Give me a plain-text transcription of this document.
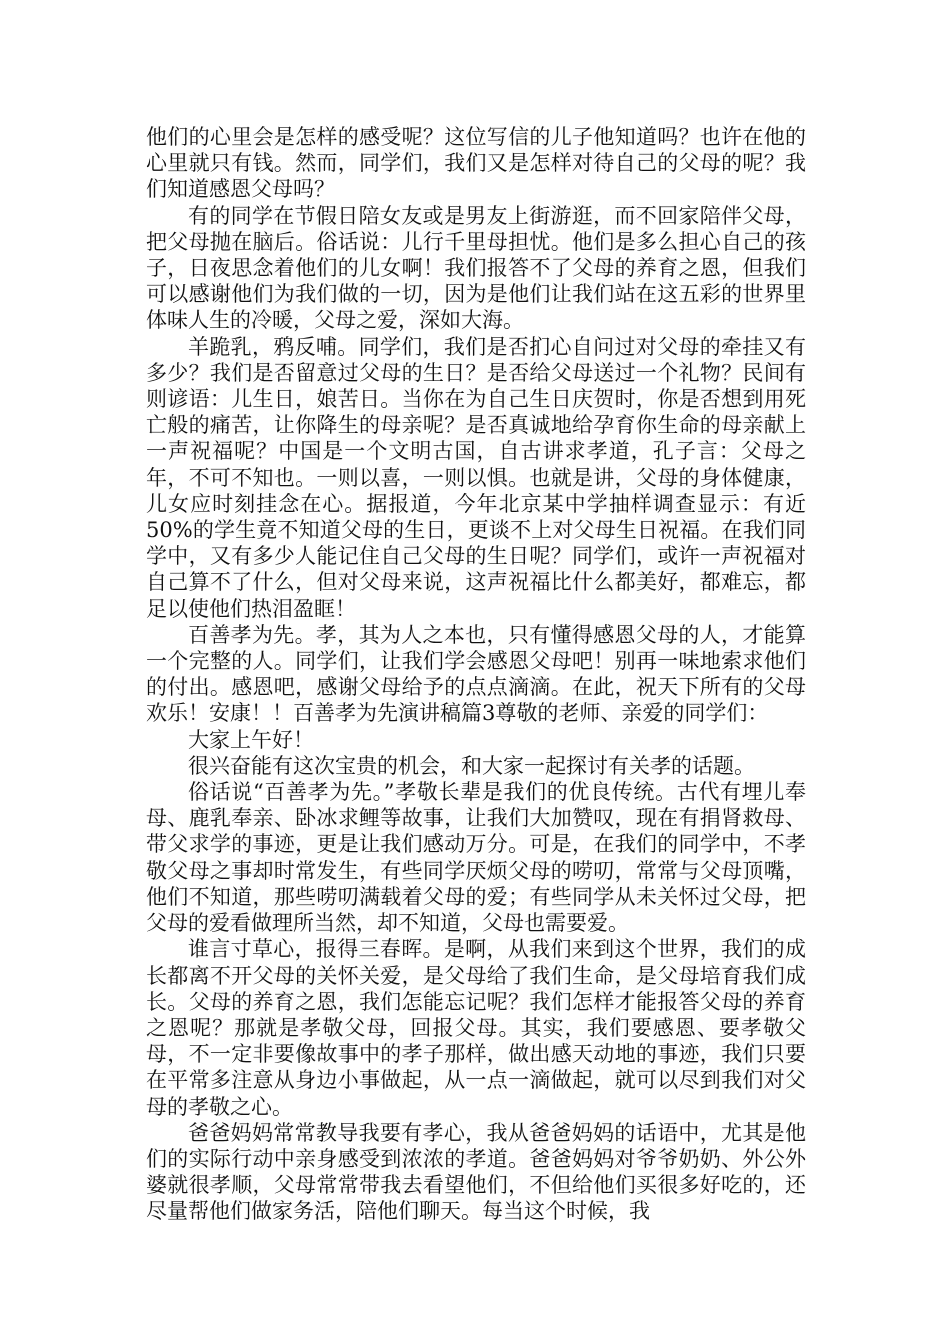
他们的心里会是怎样的感受呢？这位写信的儿子他知道吗？也许在他的心里就只有钱。然而，同学们，我们又是怎样对待自己的父母的呢？我们知道感恩父母吗？

有的同学在节假日陪女友或是男友上街游逛，而不回家陪伴父母，把父母抛在脑后。俗话说：儿行千里母担忧。他们是多么担心自己的孩子，日夜思念着他们的儿女啊！我们报答不了父母的养育之恩，但我们可以感谢他们为我们做的一切，因为是他们让我们站在这五彩的世界里体味人生的冷暖，父母之爱，深如大海。

羊跪乳，鸦反哺。同学们，我们是否扪心自问过对父母的牵挂又有多少？我们是否留意过父母的生日？是否给父母送过一个礼物？民间有则谚语：儿生日，娘苦日。当你在为自己生日庆贺时，你是否想到用死亡般的痛苦，让你降生的母亲呢？是否真诚地给孕育你生命的母亲献上一声祝福呢？中国是一个文明古国，自古讲求孝道，孔子言：父母之年，不可不知也。一则以喜，一则以惧。也就是讲，父母的身体健康，儿女应时刻挂念在心。据报道，今年北京某中学抽样调查显示：有近50%的学生竟不知道父母的生日，更谈不上对父母生日祝福。在我们同学中，又有多少人能记住自己父母的生日呢？同学们，或许一声祝福对自己算不了什么，但对父母来说，这声祝福比什么都美好，都难忘，都足以使他们热泪盈眶！

百善孝为先。孝，其为人之本也，只有懂得感恩父母的人，才能算一个完整的人。同学们，让我们学会感恩父母吧！别再一味地索求他们的付出。感恩吧，感谢父母给予的点点滴滴。在此，祝天下所有的父母欢乐！安康！！百善孝为先演讲稿篇3尊敬的老师、亲爱的同学们：

大家上午好！

很兴奋能有这次宝贵的机会，和大家一起探讨有关孝的话题。

俗话说“百善孝为先。”孝敬长辈是我们的优良传统。古代有埋儿奉母、鹿乳奉亲、卧冰求鲤等故事，让我们大加赞叹，现在有捐肾救母、带父求学的事迹，更是让我们感动万分。可是，在我们的同学中，不孝敬父母之事却时常发生，有些同学厌烦父母的唠叨，常常与父母顶嘴，他们不知道，那些唠叨满载着父母的爱；有些同学从未关怀过父母，把父母的爱看做理所当然，却不知道，父母也需要爱。

谁言寸草心，报得三春晖。是啊，从我们来到这个世界，我们的成长都离不开父母的关怀关爱，是父母给了我们生命，是父母培育我们成长。父母的养育之恩，我们怎能忘记呢？我们怎样才能报答父母的养育之恩呢？那就是孝敬父母，回报父母。其实，我们要感恩、要孝敬父母，不一定非要像故事中的孝子那样，做出感天动地的事迹，我们只要在平常多注意从身边小事做起，从一点一滴做起，就可以尽到我们对父母的孝敬之心。

爸爸妈妈常常教导我要有孝心，我从爸爸妈妈的话语中，尤其是他们的实际行动中亲身感受到浓浓的孝道。爸爸妈妈对爷爷奶奶、外公外婆就很孝顺，父母常常带我去看望他们，不但给他们买很多好吃的，还尽量帮他们做家务活，陪他们聊天。每当这个时候，我
